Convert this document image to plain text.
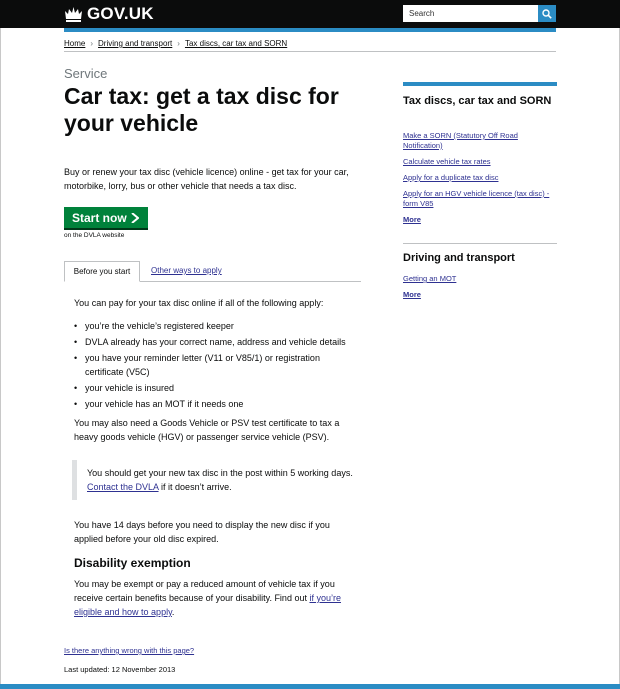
GOV.UK	Search
Home › Driving and transport › Tax discs, car tax and SORN
Service
Car tax: get a tax disc for your vehicle

Buy or renew your tax disc (vehicle licence) online - get tax for your car, motorbike, lorry, bus or other vehicle that needs a tax disc.

Start now
on the DVLA website
Before you start	Other ways to apply

You can pay for your tax disc online if all of the following apply:

• you’re the vehicle’s registered keeper
• DVLA already has your correct name, address and vehicle details
• you have your reminder letter (V11 or V85/1) or registration certificate (V5C)
• your vehicle is insured
• your vehicle has an MOT if it needs one

You may also need a Goods Vehicle or PSV test certificate to tax a heavy goods vehicle (HGV) or passenger service vehicle (PSV).

You should get your new tax disc in the post within 5 working days. Contact the DVLA if it doesn’t arrive.

You have 14 days before you need to display the new disc if you applied before your old disc expired.

Disability exemption

You may be exempt or pay a reduced amount of vehicle tax if you receive certain benefits because of your disability. Find out if you’re eligible and how to apply.

Is there anything wrong with this page?
Last updated: 12 November 2013
Tax discs, car tax and SORN
Make a SORN (Statutory Off Road Notification)
Calculate vehicle tax rates
Apply for a duplicate tax disc
Apply for an HGV vehicle licence (tax disc) - form V85
More
Driving and transport
Getting an MOT
More
